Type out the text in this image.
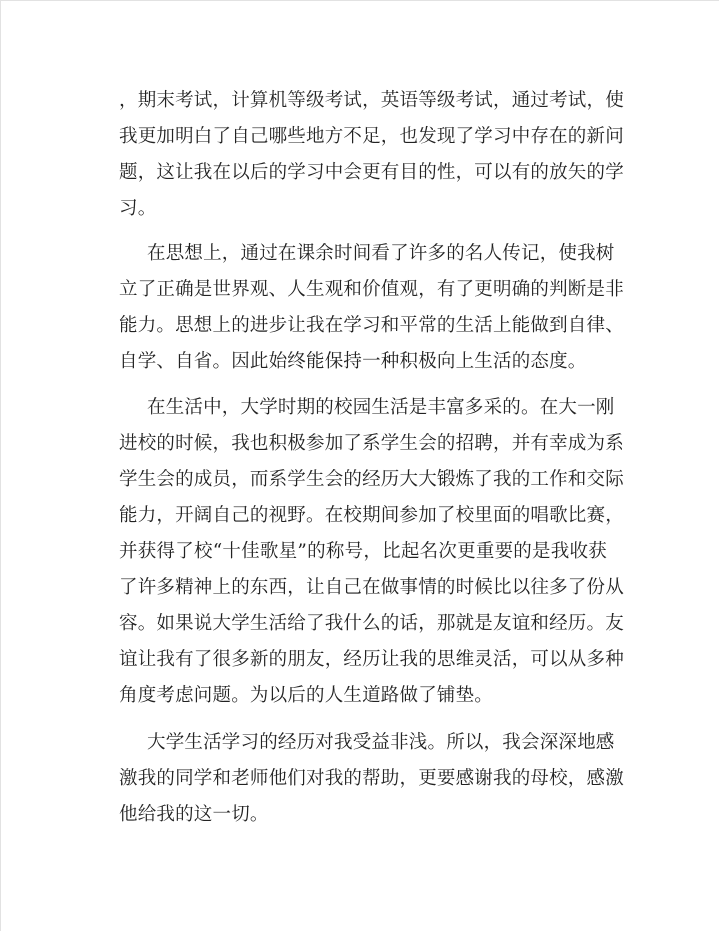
，期末考试，计算机等级考试，英语等级考试，通过考试，使
我更加明白了自己哪些地方不足，也发现了学习中存在的新问
题，这让我在以后的学习中会更有目的性，可以有的放矢的学
习。
在思想上，通过在课余时间看了许多的名人传记，使我树
立了正确是世界观、人生观和价值观，有了更明确的判断是非
能力。思想上的进步让我在学习和平常的生活上能做到自律、
自学、自省。因此始终能保持一种积极向上生活的态度。
在生活中，大学时期的校园生活是丰富多采的。在大一刚
进校的时候，我也积极参加了系学生会的招聘，并有幸成为系
学生会的成员，而系学生会的经历大大锻炼了我的工作和交际
能力，开阔自己的视野。在校期间参加了校里面的唱歌比赛，
并获得了校“十佳歌星”的称号，比起名次更重要的是我收获
了许多精神上的东西，让自己在做事情的时候比以往多了份从
容。如果说大学生活给了我什么的话，那就是友谊和经历。友
谊让我有了很多新的朋友，经历让我的思维灵活，可以从多种
角度考虑问题。为以后的人生道路做了铺垫。
大学生活学习的经历对我受益非浅。所以，我会深深地感
激我的同学和老师他们对我的帮助，更要感谢我的母校，感激
他给我的这一切。
